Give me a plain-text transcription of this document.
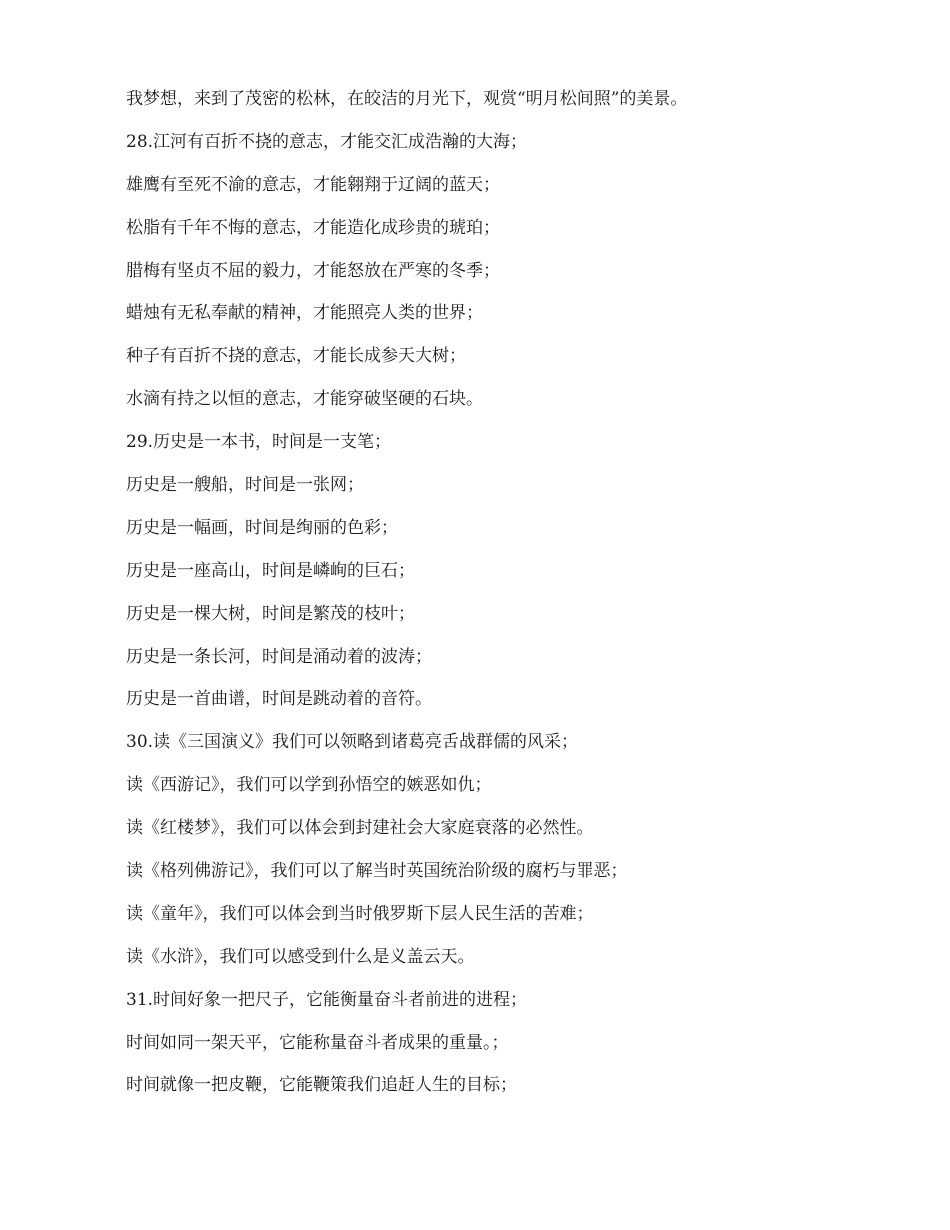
我梦想，来到了茂密的松林，在皎洁的月光下，观赏“明月松间照”的美景。

28.江河有百折不挠的意志，才能交汇成浩瀚的大海；

雄鹰有至死不渝的意志，才能翱翔于辽阔的蓝天；

松脂有千年不悔的意志，才能造化成珍贵的琥珀；

腊梅有坚贞不屈的毅力，才能怒放在严寒的冬季；

蜡烛有无私奉献的精神，才能照亮人类的世界；

种子有百折不挠的意志，才能长成参天大树；

水滴有持之以恒的意志，才能穿破坚硬的石块。

29.历史是一本书，时间是一支笔；

历史是一艘船，时间是一张网；

历史是一幅画，时间是绚丽的色彩；

历史是一座高山，时间是嶙峋的巨石；

历史是一棵大树，时间是繁茂的枝叶；

历史是一条长河，时间是涌动着的波涛；

历史是一首曲谱，时间是跳动着的音符。

30.读《三国演义》我们可以领略到诸葛亮舌战群儒的风采；

读《西游记》，我们可以学到孙悟空的嫉恶如仇；

读《红楼梦》，我们可以体会到封建社会大家庭衰落的必然性。

读《格列佛游记》，我们可以了解当时英国统治阶级的腐朽与罪恶；

读《童年》，我们可以体会到当时俄罗斯下层人民生活的苦难；

读《水浒》，我们可以感受到什么是义盖云天。

31.时间好象一把尺子，它能衡量奋斗者前进的进程；

时间如同一架天平，它能称量奋斗者成果的重量。；

时间就像一把皮鞭，它能鞭策我们追赶人生的目标；
